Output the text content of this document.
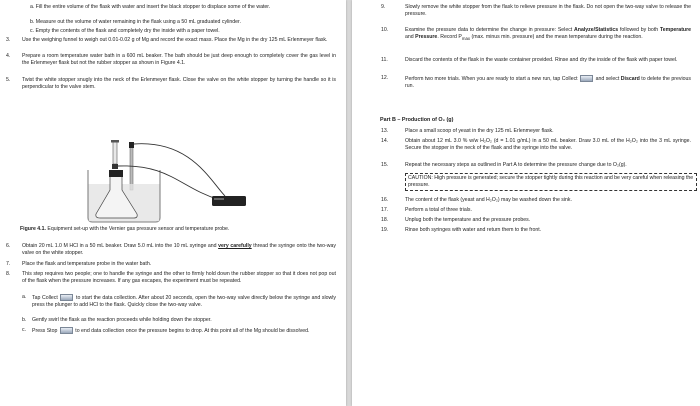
a. Fill the entire volume of the flask with water and insert the black stopper to displace some of the water.
b. Measure out the volume of water remaining in the flask using a 50 mL graduated cylinder.
c. Empty the contents of the flask and completely dry the inside with a paper towel.
3. Use the weighing funnel to weigh out 0.01-0.02 g of Mg and record the exact mass. Place the Mg in the dry 125 mL Erlenmeyer flask.
4. Prepare a room temperature water bath in a 600 mL beaker. The bath should be just deep enough to completely cover the gas level in the Erlenmeyer flask but not the rubber stopper as shown in Figure 4.1.
5. Twist the white stopper snugly into the neck of the Erlenmeyer flask. Close the valve on the white stopper by turning the handle so it is perpendicular to the valve stem.
Figure 4.1. Equipment set-up with the Vernier gas pressure sensor and temperature probe.
6. Obtain 20 mL 1.0 M HCl in a 50 mL beaker. Draw 5.0 mL into the 10 mL syringe and very carefully thread the syringe onto the two-way valve on the white stopper.
7. Place the flask and temperature probe in the water bath.
8. This step requires two people; one to handle the syringe and the other to firmly hold down the rubber stopper so that it does not pop out of the flask when the pressure increases. If any gas escapes, the experiment must be repeated.
a. Tap Collect	to start the data collection. After about 20 seconds, open the two-way valve directly below the syringe and slowly press the plunger to add HCl to the flask. Quickly close the two-way valve.
b. Gently swirl the flask as the reaction proceeds while holding down the stopper.
c. Press Stop	to end data collection once the pressure begins to drop. At this point all of the Mg should be dissolved.
9.	Slowly remove the white stopper from the flask to relieve pressure in the flask. Do not open the two-way valve to release the pressure.
10.	Examine the pressure data to determine the change in pressure: Select Analyze/Statistics followed by both Temperature and Pressure. Record $P_{max}$ (max. minus min. pressure) and the mean temperature during the reaction.
11.	Discard the contents of the flask in the waste container provided. Rinse and dry the inside of the flask with paper towel.
12.	Perform two more trials. When you are ready to start a new run, tap Collect	and select Discard to delete the previous run.
Part B – Production of O₂ (g)
13.	Place a small scoop of yeast in the dry 125 mL Erlenmeyer flask.
14.	Obtain about 12 mL 3.0 % w/w H₂O₂ (d = 1.01 g/mL) in a 50 mL beaker. Draw 3.0 mL of the H₂O₂ into the 3 mL syringe. Secure the stopper in the neck of the flask and the syringe into the valve.
15.	Repeat the necessary steps as outlined in Part A to determine the pressure change due to O₂(g).
CAUTION: High pressure is generated; secure the stopper tightly during this reaction and be very careful when releasing the pressure.
16.	The content of the flask (yeast and H₂O₂) may be washed down the sink.
17.	Perform a total of three trials.
18.	Unplug both the temperature and the pressure probes.
19.	Rinse both syringes with water and return them to the front.
